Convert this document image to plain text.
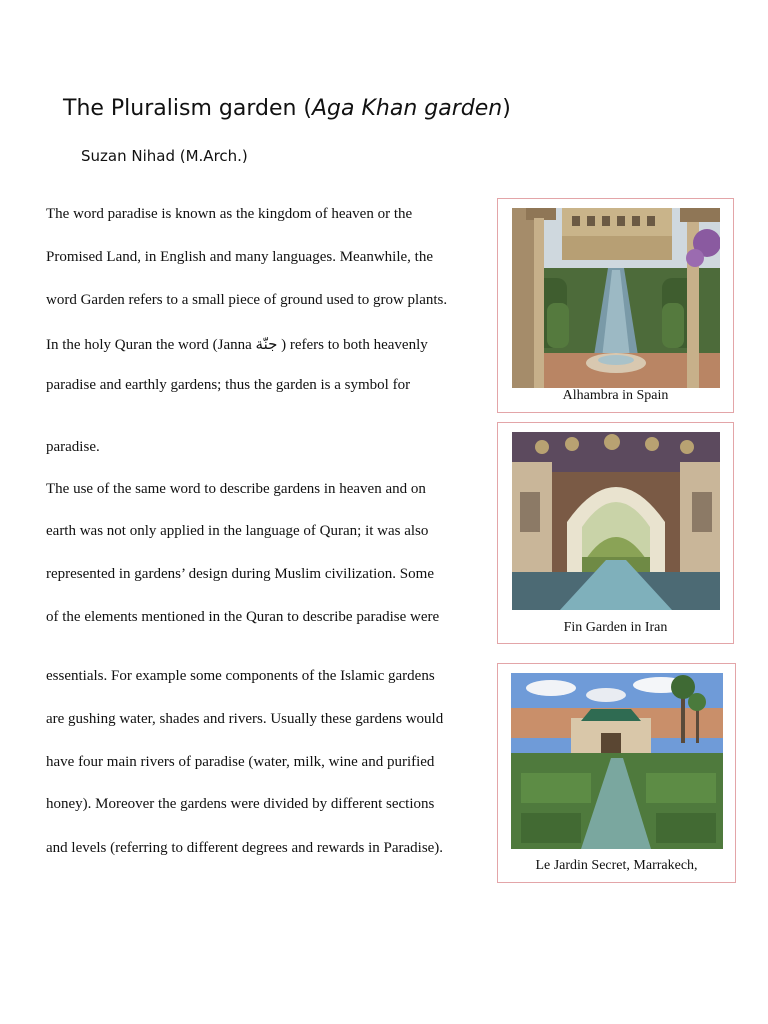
The Pluralism garden (Aga Khan garden)
Suzan Nihad (M.Arch.)
The word paradise is known as the kingdom of heaven or the
Promised Land, in English and many languages. Meanwhile, the
word Garden refers to a small piece of ground used to grow plants.
In the holy Quran the word (Janna جنّة ) refers to both heavenly
paradise and earthly gardens; thus the garden is a symbol for
paradise.
The use of the same word to describe gardens in heaven and on
earth was not only applied in the language of Quran; it was also
represented in gardens’ design during Muslim civilization. Some
of the elements mentioned in the Quran to describe paradise were
essentials. For example some components of the Islamic gardens
are gushing water, shades and rivers. Usually these gardens would
have four main rivers of paradise (water, milk, wine and purified
honey). Moreover the gardens were divided by different sections
and levels (referring to different degrees and rewards in Paradise).
Alhambra in Spain
Fin Garden in Iran
Le Jardin Secret, Marrakech,
